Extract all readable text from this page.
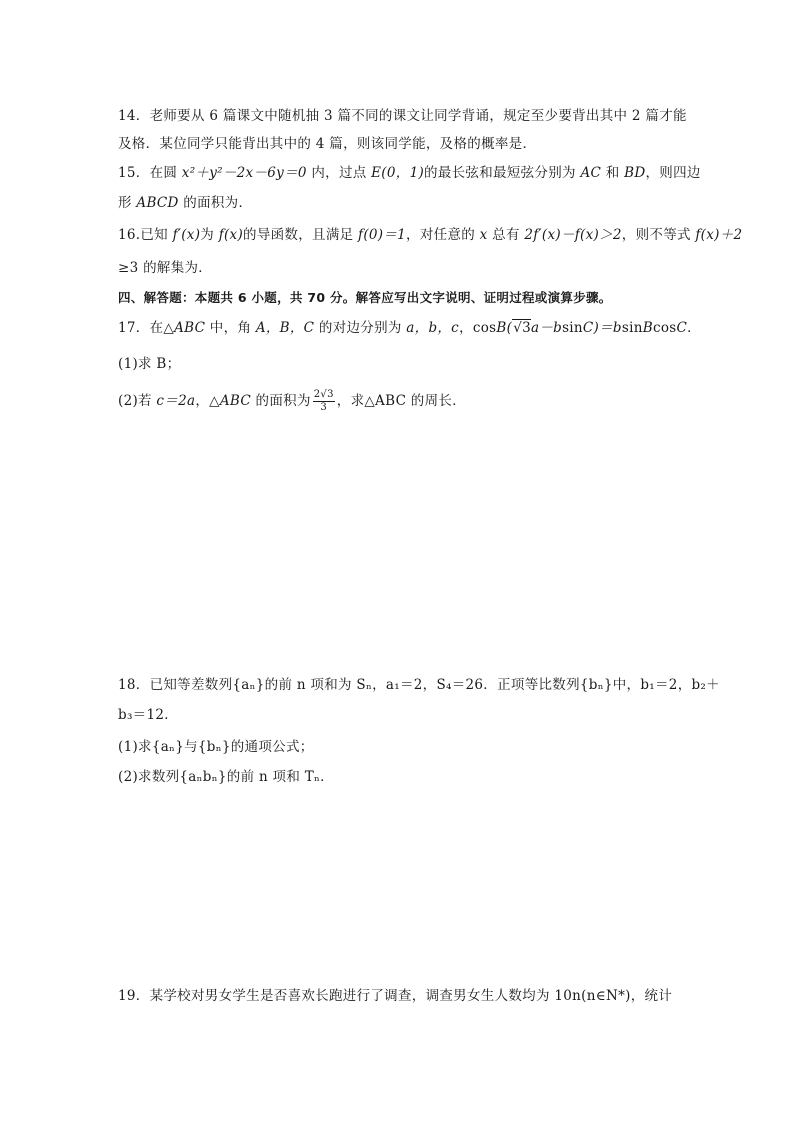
14．老师要从 6 篇课文中随机抽 3 篇不同的课文让同学背诵，规定至少要背出其中 2 篇才能
及格．某位同学只能背出其中的 4 篇，则该同学能，及格的概率是．
15．在圆 x²＋y²－2x－6y＝0 内，过点 E(0，1)的最长弦和最短弦分别为 AC 和 BD，则四边
形 ABCD 的面积为．
16.已知 f′(x)为 f(x)的导函数，且满足 f(0)＝1，对任意的 x 总有 2f′(x)－f(x)＞2，则不等式 f(x)＋2
≥3 的解集为．
四、解答题：本题共 6 小题，共 70 分。解答应写出文字说明、证明过程或演算步骤。
17．在△ABC 中，角 A，B，C 的对边分别为 a，b，c，cosB(√3a－bsinC)＝bsinBcosC．
(1)求 B；
(2)若 c＝2a，△ABC 的面积为 $\frac{2√3}{3}$ ，求△ABC 的周长．
18．已知等差数列{aₙ}的前 n 项和为 Sₙ，a₁＝2，S₄＝26．正项等比数列{bₙ}中，b₁＝2，b₂＋
b₃＝12．
(1)求{aₙ}与{bₙ}的通项公式；
(2)求数列{aₙbₙ}的前 n 项和 Tₙ．
19．某学校对男女学生是否喜欢长跑进行了调查，调查男女生人数均为 10n(n∈N*)，统计
